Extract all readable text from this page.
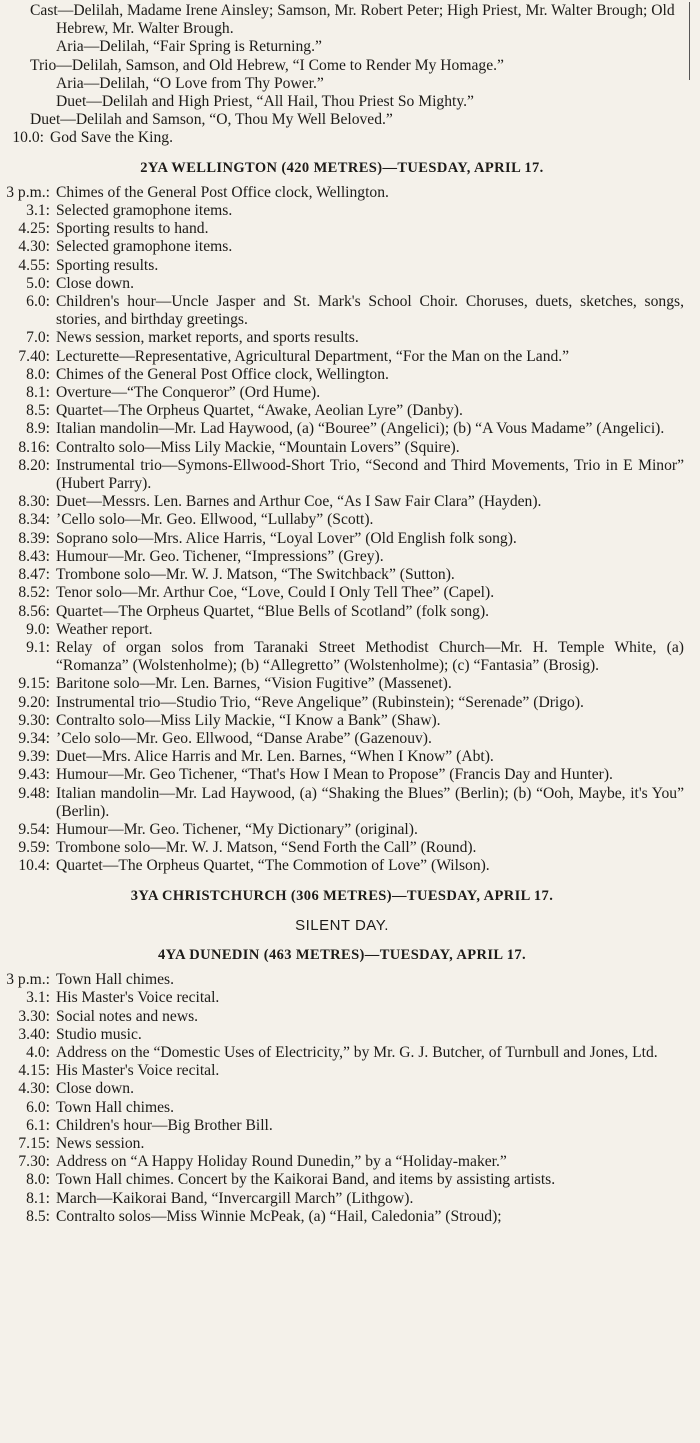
Cast—Delilah, Madame Irene Ainsley; Samson, Mr. Robert Peter; High Priest, Mr. Walter Brough; Old Hebrew, Mr. Walter Brough.
Aria—Delilah, “Fair Spring is Returning.”
Trio—Delilah, Samson, and Old Hebrew, “I Come to Render My Homage.”
Aria—Delilah, “O Love from Thy Power.”
Duet—Delilah and High Priest, “All Hail, Thou Priest So Mighty.”
Duet—Delilah and Samson, “O, Thou My Well Beloved.”
10.0: God Save the King.
2YA WELLINGTON (420 METRES)—TUESDAY, APRIL 17.
3 p.m.: Chimes of the General Post Office clock, Wellington.
3.1: Selected gramophone items.
4.25: Sporting results to hand.
4.30: Selected gramophone items.
4.55: Sporting results.
5.0: Close down.
6.0: Children's hour—Uncle Jasper and St. Mark's School Choir. Choruses, duets, sketches, songs, stories, and birthday greetings.
7.0: News session, market reports, and sports results.
7.40: Lecturette—Representative, Agricultural Department, “For the Man on the Land.”
8.0: Chimes of the General Post Office clock, Wellington.
8.1: Overture—“The Conqueror” (Ord Hume).
8.5: Quartet—The Orpheus Quartet, “Awake, Aeolian Lyre” (Danby).
8.9: Italian mandolin—Mr. Lad Haywood, (a) “Bouree” (Angelici); (b) “A Vous Madame” (Angelici).
8.16: Contralto solo—Miss Lily Mackie, “Mountain Lovers” (Squire).
8.20: Instrumental trio—Symons-Ellwood-Short Trio, “Second and Third Movements, Trio in E Minor” (Hubert Parry).
8.30: Duet—Messrs. Len. Barnes and Arthur Coe, “As I Saw Fair Clara” (Hayden).
8.34: ’Cello solo—Mr. Geo. Ellwood, “Lullaby” (Scott).
8.39: Soprano solo—Mrs. Alice Harris, “Loyal Lover” (Old English folk song).
8.43: Humour—Mr. Geo. Tichener, “Impressions” (Grey).
8.47: Trombone solo—Mr. W. J. Matson, “The Switchback” (Sutton).
8.52: Tenor solo—Mr. Arthur Coe, “Love, Could I Only Tell Thee” (Capel).
8.56: Quartet—The Orpheus Quartet, “Blue Bells of Scotland” (folk song).
9.0: Weather report.
9.1: Relay of organ solos from Taranaki Street Methodist Church—Mr. H. Temple White, (a) “Romanza” (Wolstenholme); (b) “Allegretto” (Wolstenholme); (c) “Fantasia” (Brosig).
9.15: Baritone solo—Mr. Len. Barnes, “Vision Fugitive” (Massenet).
9.20: Instrumental trio—Studio Trio, “Reve Angelique” (Rubinstein); “Serenade” (Drigo).
9.30: Contralto solo—Miss Lily Mackie, “I Know a Bank” (Shaw).
9.34: ’Celo solo—Mr. Geo. Ellwood, “Danse Arabe” (Gazenouv).
9.39: Duet—Mrs. Alice Harris and Mr. Len. Barnes, “When I Know” (Abt).
9.43: Humour—Mr. Geo Tichener, “That's How I Mean to Propose” (Francis Day and Hunter).
9.48: Italian mandolin—Mr. Lad Haywood, (a) “Shaking the Blues” (Berlin); (b) “Ooh, Maybe, it's You” (Berlin).
9.54: Humour—Mr. Geo. Tichener, “My Dictionary” (original).
9.59: Trombone solo—Mr. W. J. Matson, “Send Forth the Call” (Round).
10.4: Quartet—The Orpheus Quartet, “The Commotion of Love” (Wilson).
3YA CHRISTCHURCH (306 METRES)—TUESDAY, APRIL 17.
SILENT DAY.
4YA DUNEDIN (463 METRES)—TUESDAY, APRIL 17.
3 p.m.: Town Hall chimes.
3.1: His Master's Voice recital.
3.30: Social notes and news.
3.40: Studio music.
4.0: Address on the “Domestic Uses of Electricity,” by Mr. G. J. Butcher, of Turnbull and Jones, Ltd.
4.15: His Master's Voice recital.
4.30: Close down.
6.0: Town Hall chimes.
6.1: Children's hour—Big Brother Bill.
7.15: News session.
7.30: Address on “A Happy Holiday Round Dunedin,” by a “Holiday-maker.”
8.0: Town Hall chimes. Concert by the Kaikorai Band, and items by assisting artists.
8.1: March—Kaikorai Band, “Invercargill March” (Lithgow).
8.5: Contralto solos—Miss Winnie McPeak, (a) “Hail, Caledonia” (Stroud);
